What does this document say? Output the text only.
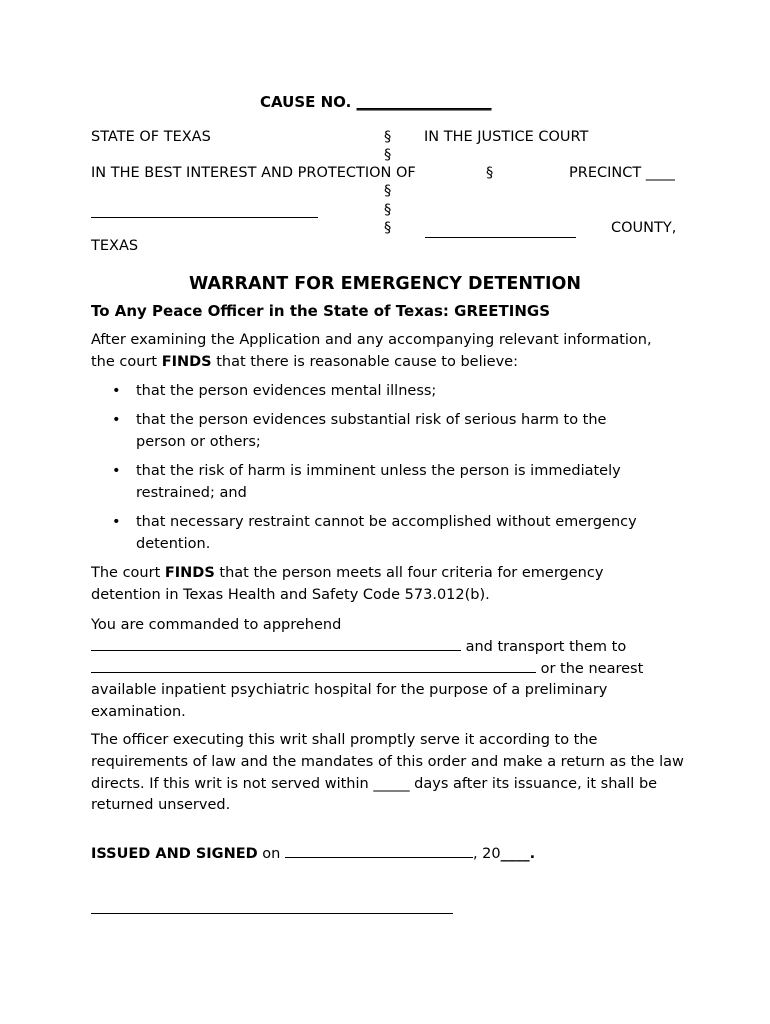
CAUSE NO. __________________
STATE OF TEXAS	§ IN THE JUSTICE COURT
§
IN THE BEST INTEREST AND PROTECTION OF	§	PRECINCT ____
§
§
§	COUNTY,
TEXAS
WARRANT FOR EMERGENCY DETENTION
To Any Peace Officer in the State of Texas: GREETINGS
After examining the Application and any accompanying relevant information,
the court FINDS that there is reasonable cause to believe:
• that the person evidences mental illness;
• that the person evidences substantial risk of serious harm to the person or others;
• that the risk of harm is imminent unless the person is immediately restrained; and
• that necessary restraint cannot be accomplished without emergency detention.
The court FINDS that the person meets all four criteria for emergency detention in Texas Health and Safety Code 573.012(b).
You are commanded to apprehend
and transport them to
or the nearest
available inpatient psychiatric hospital for the purpose of a preliminary examination.
The officer executing this writ shall promptly serve it according to the requirements of law and the mandates of this order and make a return as the law directs. If this writ is not served within _____ days after its issuance, it shall be returned unserved.
ISSUED AND SIGNED on	, 20____.
